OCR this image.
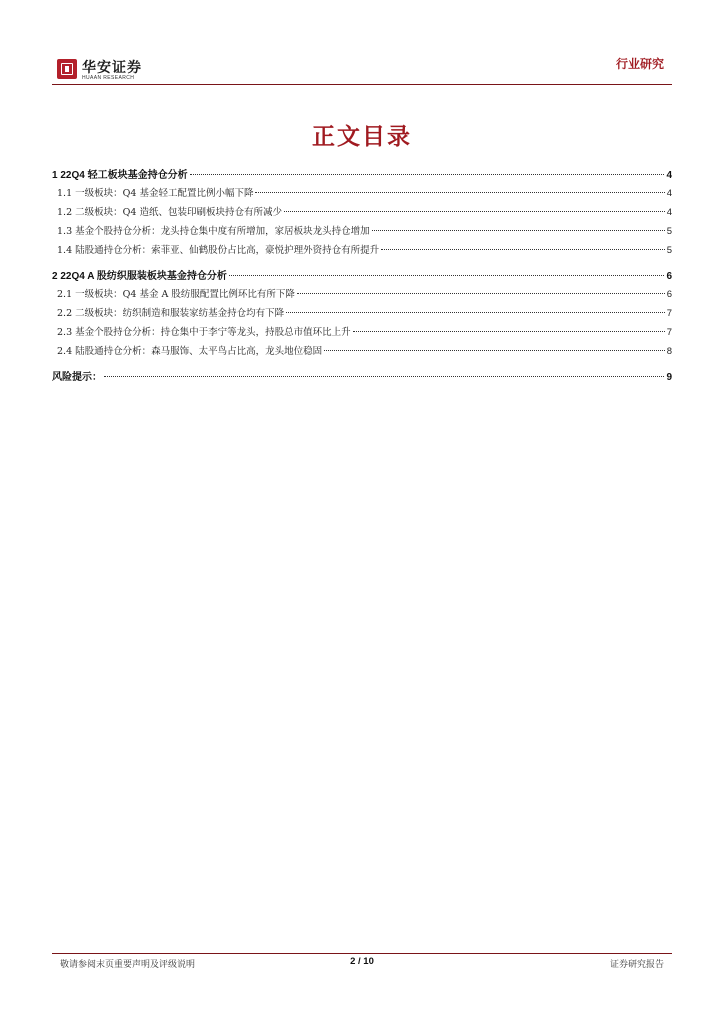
华安证券
HUAAN RESEARCH
行业研究
正文目录
1 22Q4 轻工板块基金持仓分析	4
1.1 一级板块：Q4 基金轻工配置比例小幅下降	4
1.2 二级板块：Q4 造纸、包装印刷板块持仓有所减少	4
1.3 基金个股持仓分析：龙头持仓集中度有所增加，家居板块龙头持仓增加	5
1.4 陆股通持仓分析：索菲亚、仙鹤股份占比高，豪悦护理外资持仓有所提升	5
2 22Q4 A 股纺织服装板块基金持仓分析	6
2.1 一级板块：Q4 基金 A 股纺服配置比例环比有所下降	6
2.2 二级板块：纺织制造和服装家纺基金持仓均有下降	7
2.3 基金个股持仓分析：持仓集中于李宁等龙头，持股总市值环比上升	7
2.4 陆股通持仓分析：森马服饰、太平鸟占比高，龙头地位稳固	8
风险提示：	9
敬请参阅末页重要声明及评级说明	2 / 10	证券研究报告
